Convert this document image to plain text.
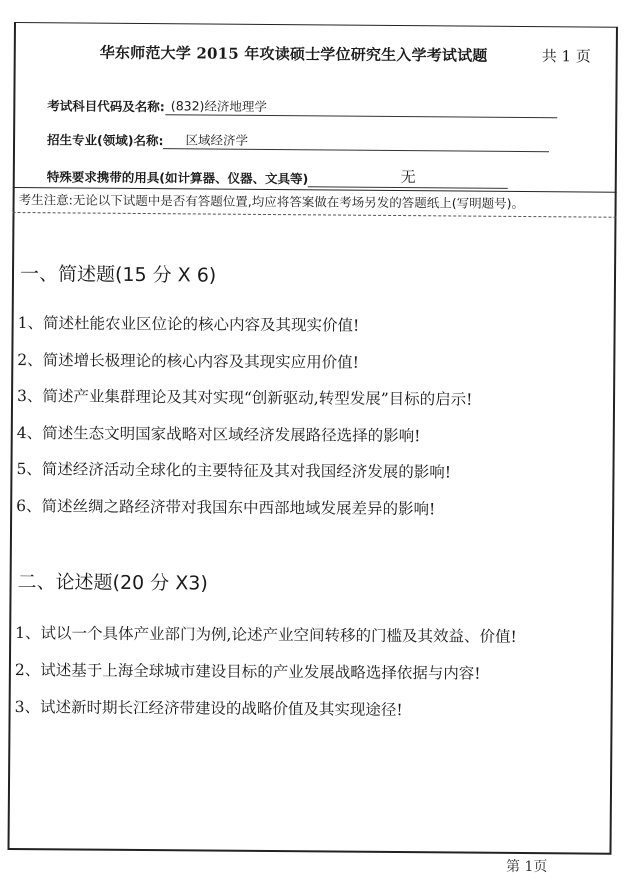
华东师范大学 2015 年攻读硕士学位研究生入学考试试题	共 1 页
考试科目代码及名称: (832)经济地理学
招生专业(领域)名称:	区域经济学
特殊要求携带的用具(如计算器、仪器、文具等)	无
考生注意:无论以下试题中是否有答题位置,均应将答案做在考场另发的答题纸上(写明题号)。
一、简述题(15 分 X 6)
1、简述杜能农业区位论的核心内容及其现实价值!
2、简述增长极理论的核心内容及其现实应用价值!
3、简述产业集群理论及其对实现“创新驱动,转型发展”目标的启示!
4、简述生态文明国家战略对区域经济发展路径选择的影响!
5、简述经济活动全球化的主要特征及其对我国经济发展的影响!
6、简述丝绸之路经济带对我国东中西部地域发展差异的影响!
二、论述题(20 分 X3)
1、试以一个具体产业部门为例,论述产业空间转移的门槛及其效益、价值!
2、试述基于上海全球城市建设目标的产业发展战略选择依据与内容!
3、试述新时期长江经济带建设的战略价值及其实现途径!
第 1页
